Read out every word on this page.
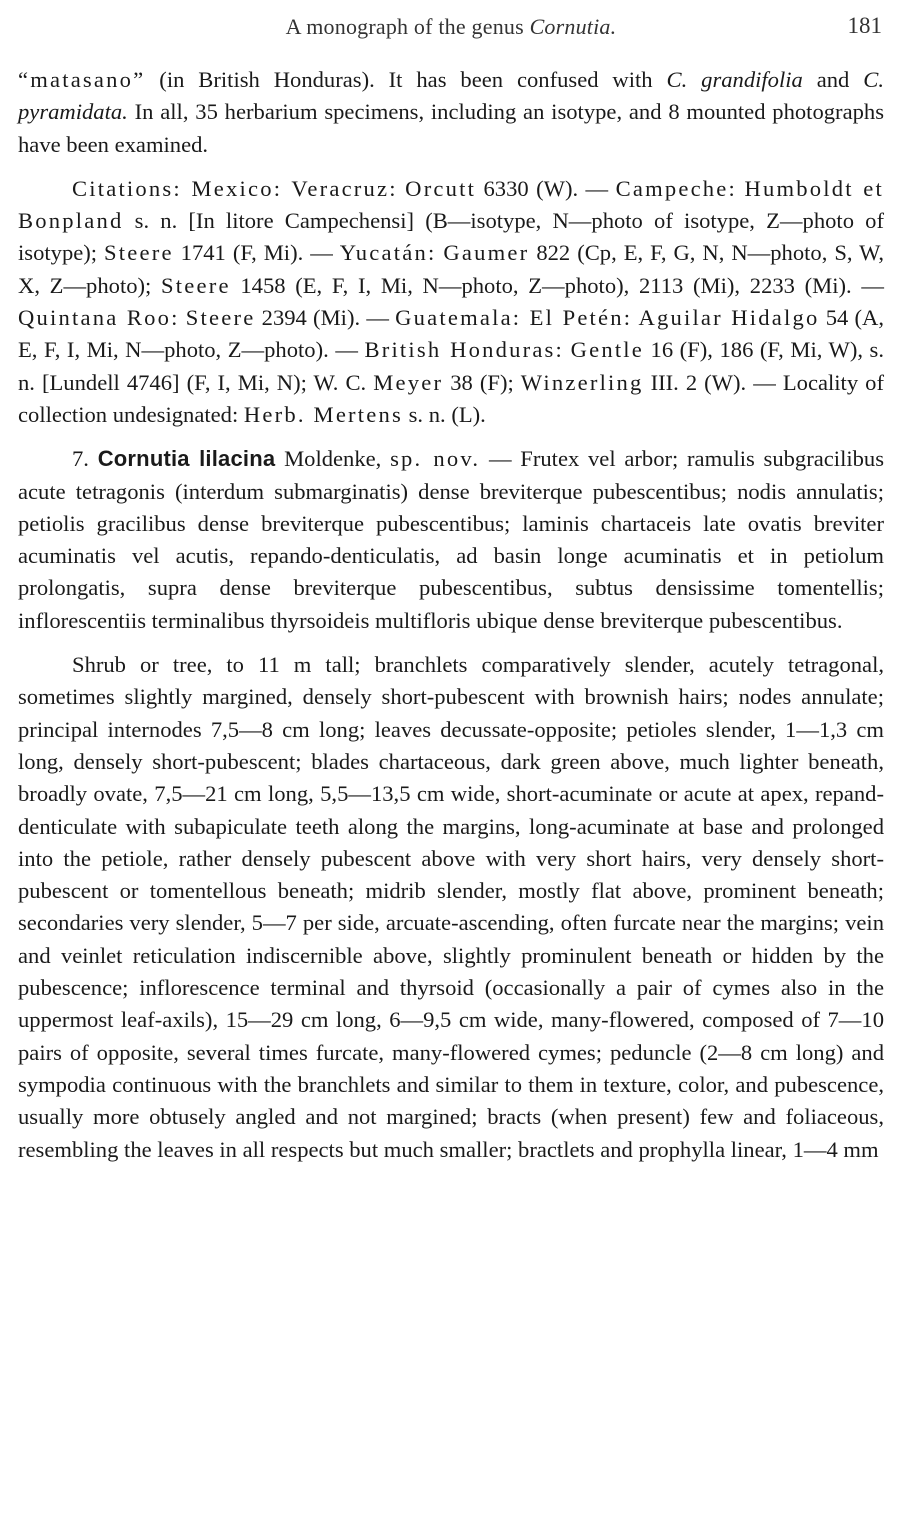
A monograph of the genus Cornutia.	181

“matasano” (in British Honduras). It has been confused with C. grandifolia and C. pyramidata. In all, 35 herbarium specimens, including an isotype, and 8 mounted photographs have been examined.

Citations: Mexico: Veracruz: Orcutt 6330 (W). — Campeche: Humboldt et Bonpland s. n. [In litore Campechensi] (B—isotype, N—photo of isotype, Z—photo of isotype); Steere 1741 (F, Mi). — Yucatán: Gaumer 822 (Cp, E, F, G, N, N—photo, S, W, X, Z—photo); Steere 1458 (E, F, I, Mi, N—photo, Z—photo), 2113 (Mi), 2233 (Mi). — Quintana Roo: Steere 2394 (Mi). — Guatemala: El Petén: Aguilar Hidalgo 54 (A, E, F, I, Mi, N—photo, Z—photo). — British Honduras: Gentle 16 (F), 186 (F, Mi, W), s. n. [Lundell 4746] (F, I, Mi, N); W. C. Meyer 38 (F); Winzerling III. 2 (W). — Locality of collection undesignated: Herb. Mertens s. n. (L).

7. Cornutia lilacina Moldenke, sp. nov. — Frutex vel arbor; ramulis subgracilibus acute tetragonis (interdum submarginatis) dense breviterque pubescentibus; nodis annulatis; petiolis gracilibus dense breviterque pubescentibus; laminis chartaceis late ovatis breviter acuminatis vel acutis, repando-denticulatis, ad basin longe acuminatis et in petiolum prolongatis, supra dense breviterque pubescentibus, subtus densissime tomentellis; inflorescentiis terminalibus thyrsoideis multifloris ubique dense breviterque pubescentibus.

Shrub or tree, to 11 m tall; branchlets comparatively slender, acutely tetragonal, sometimes slightly margined, densely short-pubescent with brownish hairs; nodes annulate; principal internodes 7,5—8 cm long; leaves decussate-opposite; petioles slender, 1—1,3 cm long, densely short-pubescent; blades chartaceous, dark green above, much lighter beneath, broadly ovate, 7,5—21 cm long, 5,5—13,5 cm wide, short-acuminate or acute at apex, repand-denticulate with subapiculate teeth along the margins, long-acuminate at base and prolonged into the petiole, rather densely pubescent above with very short hairs, very densely short-pubescent or tomentellous beneath; midrib slender, mostly flat above, prominent beneath; secondaries very slender, 5—7 per side, arcuate-ascending, often furcate near the margins; vein and veinlet reticulation indiscernible above, slightly prominulent beneath or hidden by the pubescence; inflorescence terminal and thyrsoid (occasionally a pair of cymes also in the uppermost leaf-axils), 15—29 cm long, 6—9,5 cm wide, many-flowered, composed of 7—10 pairs of opposite, several times furcate, many-flowered cymes; peduncle (2—8 cm long) and sympodia continuous with the branchlets and similar to them in texture, color, and pubescence, usually more obtusely angled and not margined; bracts (when present) few and foliaceous, resembling the leaves in all respects but much smaller; bractlets and prophylla linear, 1—4 mm
